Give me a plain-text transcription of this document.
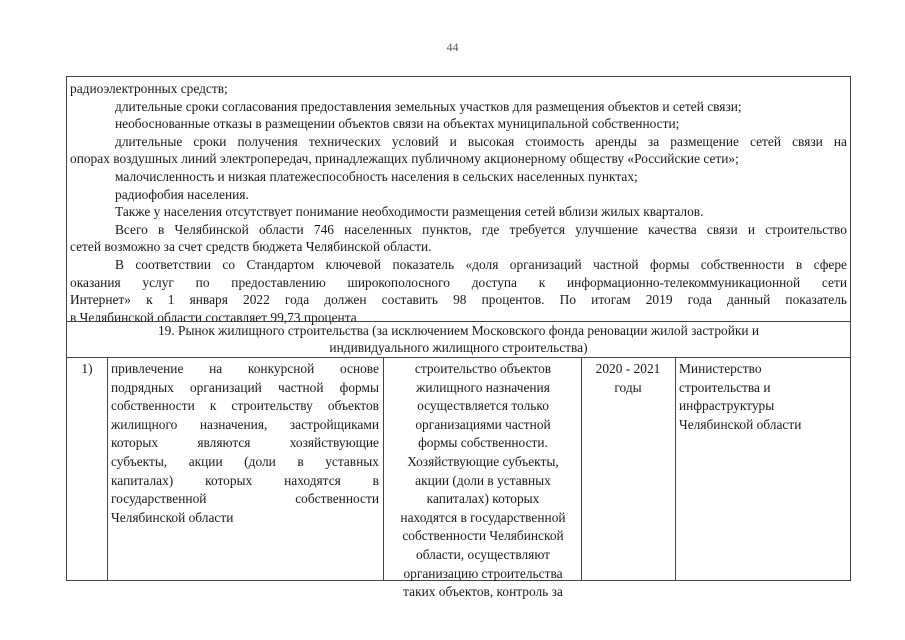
44

радиоэлектронных средств;

длительные сроки согласования предоставления земельных участков для размещения объектов и сетей связи;

необоснованные отказы в размещении объектов связи на объектах муниципальной собственности;

длительные сроки получения технических условий и высокая стоимость аренды за размещение сетей связи на

опорах воздушных линий электропередач, принадлежащих публичному акционерному обществу «Российские сети»;

малочисленность и низкая платежеспособность населения в сельских населенных пунктах;

радиофобия населения.

Также у населения отсутствует понимание необходимости размещения сетей вблизи жилых кварталов.

Всего в Челябинской области 746 населенных пунктов, где требуется улучшение качества связи и строительство

сетей возможно за счет средств бюджета Челябинской области.

В соответствии со Стандартом ключевой показатель «доля организаций частной формы собственности в сфере

оказания услуг по предоставлению широкополосного доступа к информационно-телекоммуникационной сети

Интернет» к 1 января 2022 года должен составить 98 процентов. По итогам 2019 года данный показатель

в Челябинской области составляет 99,73 процента

19. Рынок жилищного строительства (за исключением Московского фонда реновации жилой застройки и
индивидуального жилищного строительства)
1)	привлечение на конкурсной основе
подрядных организаций частной формы
собственности к строительству объектов
жилищного назначения, застройщиками
которых являются хозяйствующие
субъекты, акции (доли в уставных
капиталах) которых находятся в
государственной собственности
Челябинской области
строительство объектов
жилищного назначения
осуществляется только
организациями частной
формы собственности.
Хозяйствующие субъекты,
акции (доли в уставных
капиталах) которых
находятся в государственной
собственности Челябинской
области, осуществляют
организацию строительства
таких объектов, контроль за
2020 - 2021
годы
Министерство
строительства и
инфраструктуры
Челябинской области
